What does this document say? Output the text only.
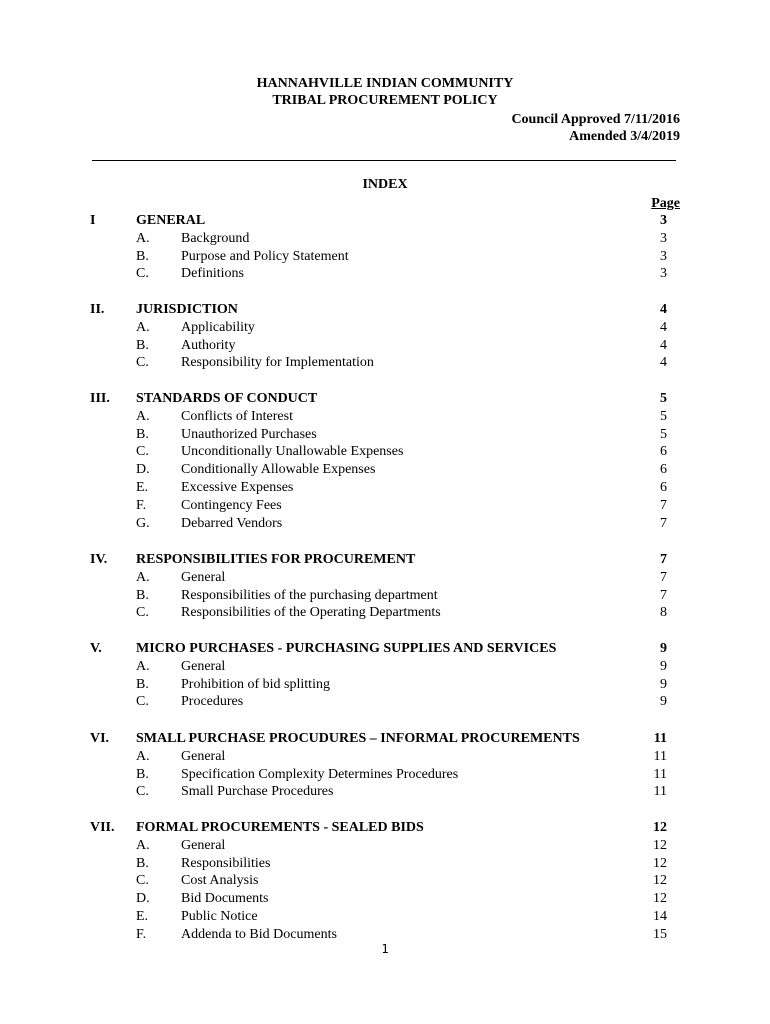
HANNAHVILLE INDIAN COMMUNITY
TRIBAL PROCUREMENT POLICY
Council Approved 7/11/2016
Amended 3/4/2019
INDEX
Page
I	GENERAL	3
A. Background	3
B. Purpose and Policy Statement	3
C. Definitions	3
II. JURISDICTION	4
A. Applicability	4
B. Authority	4
C. Responsibility for Implementation	4
III. STANDARDS OF CONDUCT	5
A. Conflicts of Interest	5
B. Unauthorized Purchases	5
C. Unconditionally Unallowable Expenses	6
D. Conditionally Allowable Expenses	6
E. Excessive Expenses	6
F. Contingency Fees	7
G. Debarred Vendors	7
IV. RESPONSIBILITIES FOR PROCUREMENT	7
A. General	7
B. Responsibilities of the purchasing department	7
C. Responsibilities of the Operating Departments	8
V. MICRO PURCHASES - PURCHASING SUPPLIES AND SERVICES	9
A. General	9
B. Prohibition of bid splitting	9
C. Procedures	9
VI. SMALL PURCHASE PROCUDURES – INFORMAL PROCUREMENTS	11
A. General	11
B. Specification Complexity Determines Procedures	11
C. Small Purchase Procedures	11
VII. FORMAL PROCUREMENTS - SEALED BIDS	12
A. General	12
B. Responsibilities	12
C. Cost Analysis	12
D. Bid Documents	12
E. Public Notice	14
F. Addenda to Bid Documents	15
1
